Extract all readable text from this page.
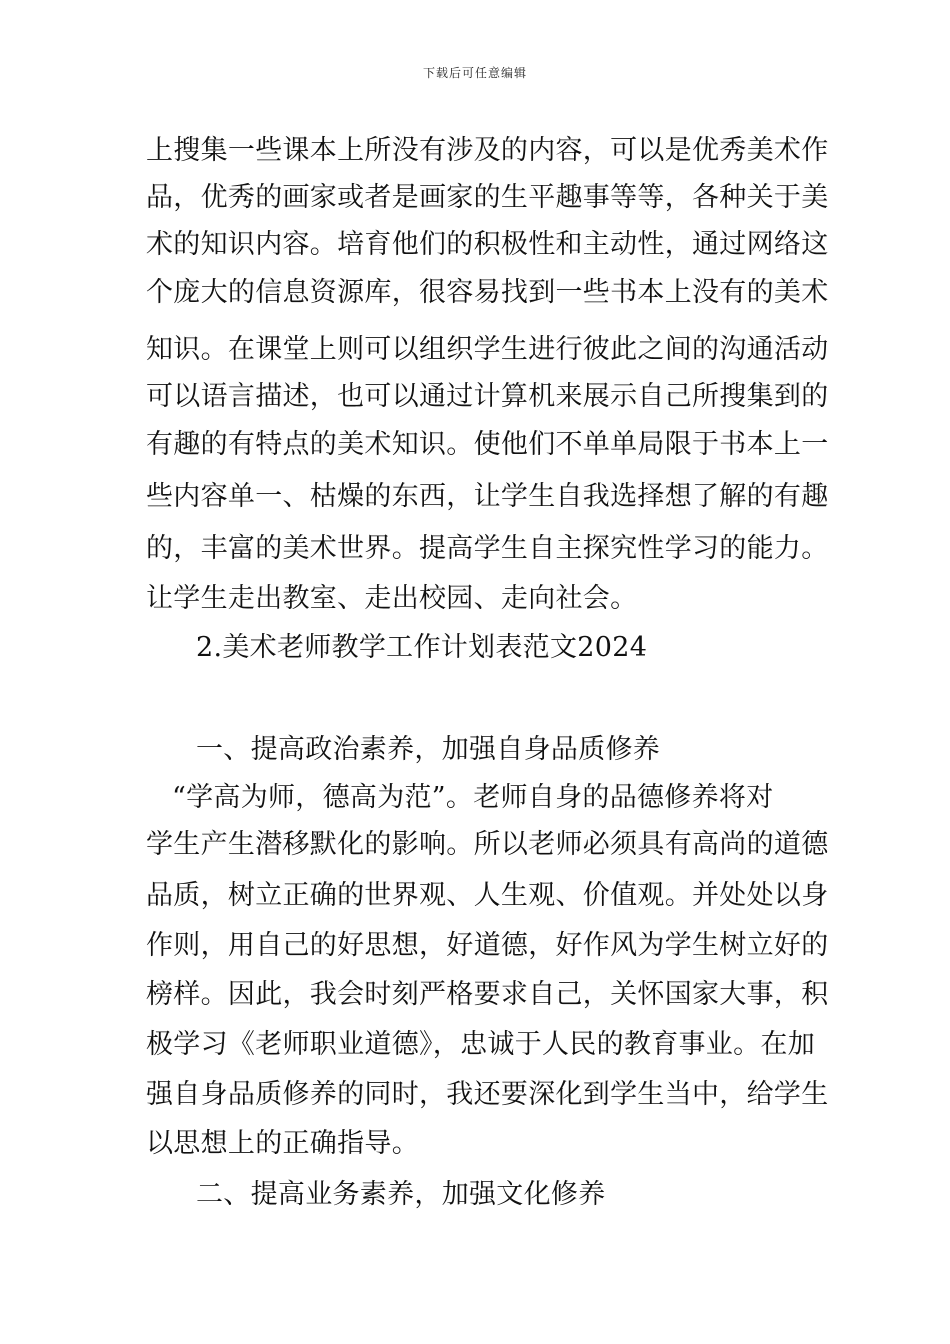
下载后可任意编辑
上搜集一些课本上所没有涉及的内容，可以是优秀美术作
品，优秀的画家或者是画家的生平趣事等等，各种关于美
术的知识内容。培育他们的积极性和主动性，通过网络这
个庞大的信息资源库，很容易找到一些书本上没有的美术
知识。在课堂上则可以组织学生进行彼此之间的沟通活动
可以语言描述，也可以通过计算机来展示自己所搜集到的
有趣的有特点的美术知识。使他们不单单局限于书本上一
些内容单一、枯燥的东西，让学生自我选择想了解的有趣
的，丰富的美术世界。提高学生自主探究性学习的能力。
让学生走出教室、走出校园、走向社会。
2.美术老师教学工作计划表范文2024
一、提高政治素养，加强自身品质修养
“学高为师，德高为范”。老师自身的品德修养将对
学生产生潜移默化的影响。所以老师必须具有高尚的道德
品质，树立正确的世界观、人生观、价值观。并处处以身
作则，用自己的好思想，好道德，好作风为学生树立好的
榜样。因此，我会时刻严格要求自己，关怀国家大事，积
极学习《老师职业道德》，忠诚于人民的教育事业。在加
强自身品质修养的同时，我还要深化到学生当中，给学生
以思想上的正确指导。
二、提高业务素养，加强文化修养
